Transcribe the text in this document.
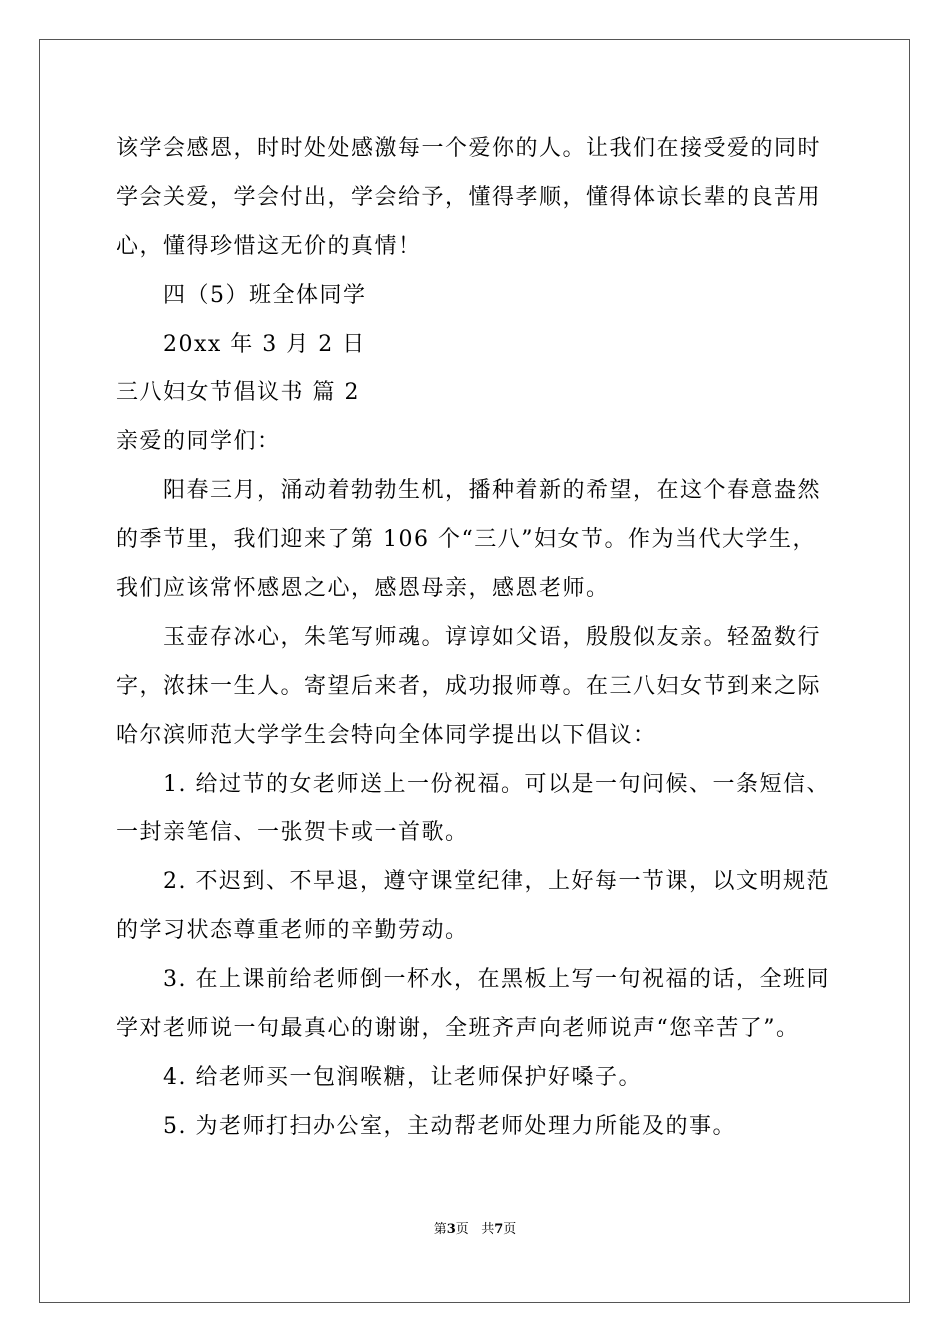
该学会感恩，时时处处感激每一个爱你的人。让我们在接受爱的同时
学会关爱，学会付出，学会给予，懂得孝顺，懂得体谅长辈的良苦用
心，懂得珍惜这无价的真情！
四（5）班全体同学
20xx 年 3 月 2 日
三八妇女节倡议书 篇 2
亲爱的同学们：
阳春三月，涌动着勃勃生机，播种着新的希望，在这个春意盎然
的季节里，我们迎来了第 106 个“三八”妇女节。作为当代大学生，
我们应该常怀感恩之心，感恩母亲，感恩老师。
玉壶存冰心，朱笔写师魂。谆谆如父语，殷殷似友亲。轻盈数行
字，浓抹一生人。寄望后来者，成功报师尊。在三八妇女节到来之际
哈尔滨师范大学学生会特向全体同学提出以下倡议：
1. 给过节的女老师送上一份祝福。可以是一句问候、一条短信、
一封亲笔信、一张贺卡或一首歌。
2. 不迟到、不早退，遵守课堂纪律，上好每一节课，以文明规范
的学习状态尊重老师的辛勤劳动。
3. 在上课前给老师倒一杯水，在黑板上写一句祝福的话，全班同
学对老师说一句最真心的谢谢，全班齐声向老师说声“您辛苦了”。
4. 给老师买一包润喉糖，让老师保护好嗓子。
5. 为老师打扫办公室，主动帮老师处理力所能及的事。
第3页   共7页
